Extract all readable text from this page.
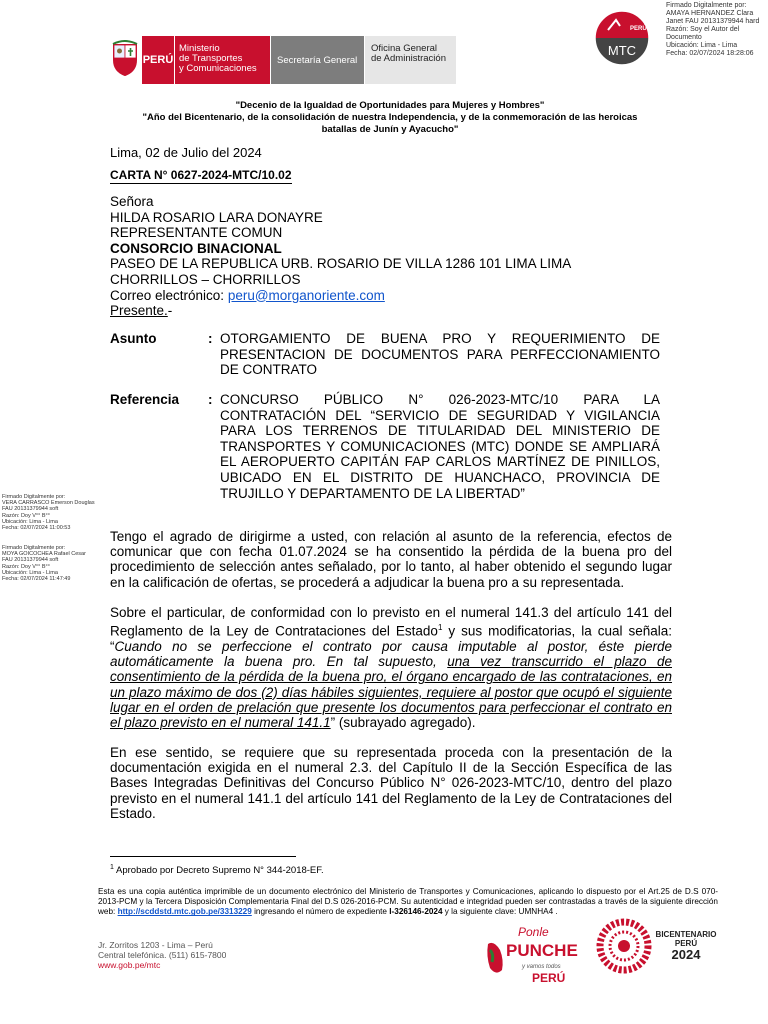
PERÚ
Ministerio
de Transportes
y Comunicaciones
Secretaría General
Oficina General
de Administración
PERÚ
MTC
Firmado Digitalmente por:
AMAYA HERNANDEZ Clara
Janet FAU 20131379944 hard
Razón: Soy el Autor del
Documento
Ubicación: Lima - Lima
Fecha: 02/07/2024 18:28:06
"Decenio de la Igualdad de Oportunidades para Mujeres y Hombres"
"Año del Bicentenario, de la consolidación de nuestra Independencia, y de la conmemoración de las heroicas
batallas de Junín y Ayacucho"
Lima, 02 de Julio del 2024
CARTA N° 0627-2024-MTC/10.02
Señora
HILDA ROSARIO LARA DONAYRE
REPRESENTANTE COMUN
CONSORCIO BINACIONAL
PASEO DE LA REPUBLICA URB. ROSARIO DE VILLA 1286 101 LIMA LIMA
CHORRILLOS – CHORRILLOS
Correo electrónico: peru@morganoriente.com
Presente.-
Asunto	: OTORGAMIENTO DE BUENA PRO Y REQUERIMIENTO DE PRESENTACION DE DOCUMENTOS PARA PERFECCIONAMIENTO DE CONTRATO
Referencia	: CONCURSO PÚBLICO N° 026-2023-MTC/10 PARA LA CONTRATACIÓN DEL “SERVICIO DE SEGURIDAD Y VIGILANCIA PARA LOS TERRENOS DE TITULARIDAD DEL MINISTERIO DE TRANSPORTES Y COMUNICACIONES (MTC) DONDE SE AMPLIARÁ EL AEROPUERTO CAPITÁN FAP CARLOS MARTÍNEZ DE PINILLOS, UBICADO EN EL DISTRITO DE HUANCHACO, PROVINCIA DE TRUJILLO Y DEPARTAMENTO DE LA LIBERTAD”
Firmado Digitalmente por:
VERA CARRASCO Emerson Douglas
FAU 20131379944 soft
Razón: Doy V°° B°°
Ubicación: Lima - Lima
Fecha: 02/07/2024 11:00:53
Firmado Digitalmente por:
MOYA GOICOCHEA Rafael Cesar
FAU 20131379944 soft
Razón: Doy V°° B°°
Ubicación: Lima - Lima
Fecha: 02/07/2024 11:47:49
Tengo el agrado de dirigirme a usted, con relación al asunto de la referencia, efectos de comunicar que con fecha 01.07.2024 se ha consentido la pérdida de la buena pro del procedimiento de selección antes señalado, por lo tanto, al haber obtenido el segundo lugar en la calificación de ofertas, se procederá a adjudicar la buena pro a su representada.
Sobre el particular, de conformidad con lo previsto en el numeral 141.3 del artículo 141 del Reglamento de la Ley de Contrataciones del Estado$^1$ y sus modificatorias, la cual señala: “Cuando no se perfeccione el contrato por causa imputable al postor, éste pierde automáticamente la buena pro. En tal supuesto, una vez transcurrido el plazo de consentimiento de la pérdida de la buena pro, el órgano encargado de las contrataciones, en un plazo máximo de dos (2) días hábiles siguientes, requiere al postor que ocupó el siguiente lugar en el orden de prelación que presente los documentos para perfeccionar el contrato en el plazo previsto en el numeral 141.1” (subrayado agregado).
En ese sentido, se requiere que su representada proceda con la presentación de la documentación exigida en el numeral 2.3. del Capítulo II de la Sección Específica de las Bases Integradas Definitivas del Concurso Público N° 026-2023-MTC/10, dentro del plazo previsto en el numeral 141.1 del artículo 141 del Reglamento de la Ley de Contrataciones del Estado.
$^1$ Aprobado por Decreto Supremo N° 344-2018-EF.
Esta es una copia auténtica imprimible de un documento electrónico del Ministerio de Transportes y Comunicaciones, aplicando lo dispuesto por el Art.25 de D.S 070-2013-PCM y la Tercera Disposición Complementaria Final del D.S 026-2016-PCM. Su autenticidad e integridad pueden ser contrastadas a través de la siguiente dirección web: http://scddstd.mtc.gob.pe/3313229 ingresando el número de expediente I-326146-2024 y la siguiente clave: UMNHA4 .
Jr. Zorritos 1203 - Lima – Perú
Central telefónica. (511) 615-7800
www.gob.pe/mtc
Ponle
PUNCHE
y vamos todos
PERÚ
BICENTENARIO
PERÚ
2024
